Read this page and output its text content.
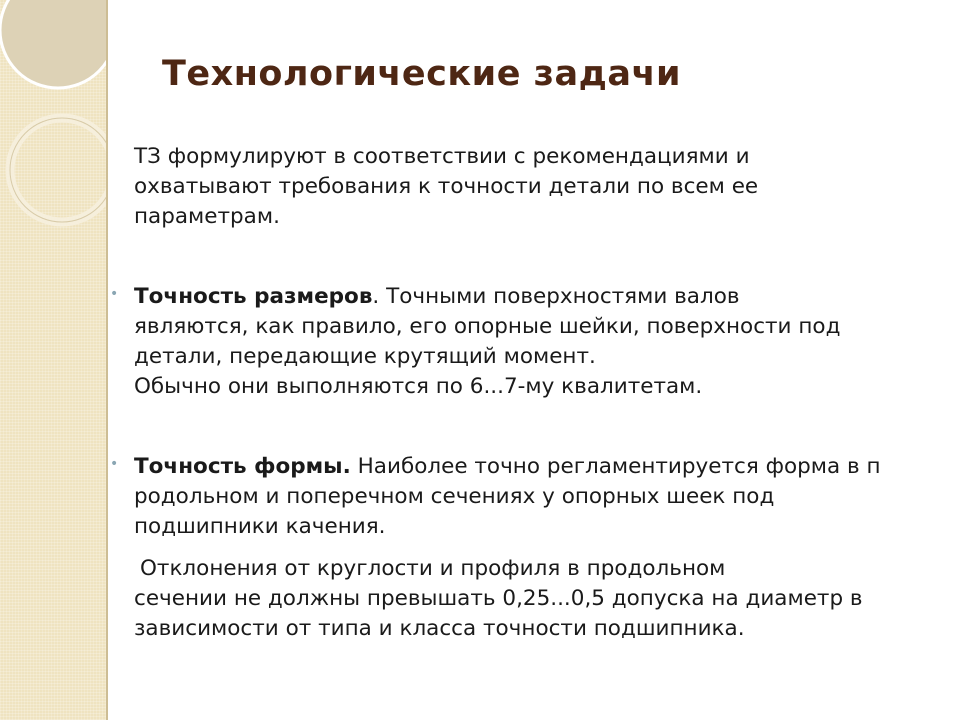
Технологические задачи
ТЗ формулируют в соответствии с рекомендациями и
охватывают требования к точности детали по всем ее
параметрам.
• Точность размеров. Точными поверхностями валов
являются, как правило, его опорные шейки, поверхности под
детали, передающие крутящий момент.
Обычно они выполняются по 6...7-му квалитетам.
• Точность формы. Наиболее точно регламентируется форма в п
родольном и поперечном сечениях у опорных шеек под
подшипники качения.
Отклонения от круглости и профиля в продольном
сечении не должны превышать 0,25...0,5 допуска на диаметр в
зависимости от типа и класса точности подшипника.
